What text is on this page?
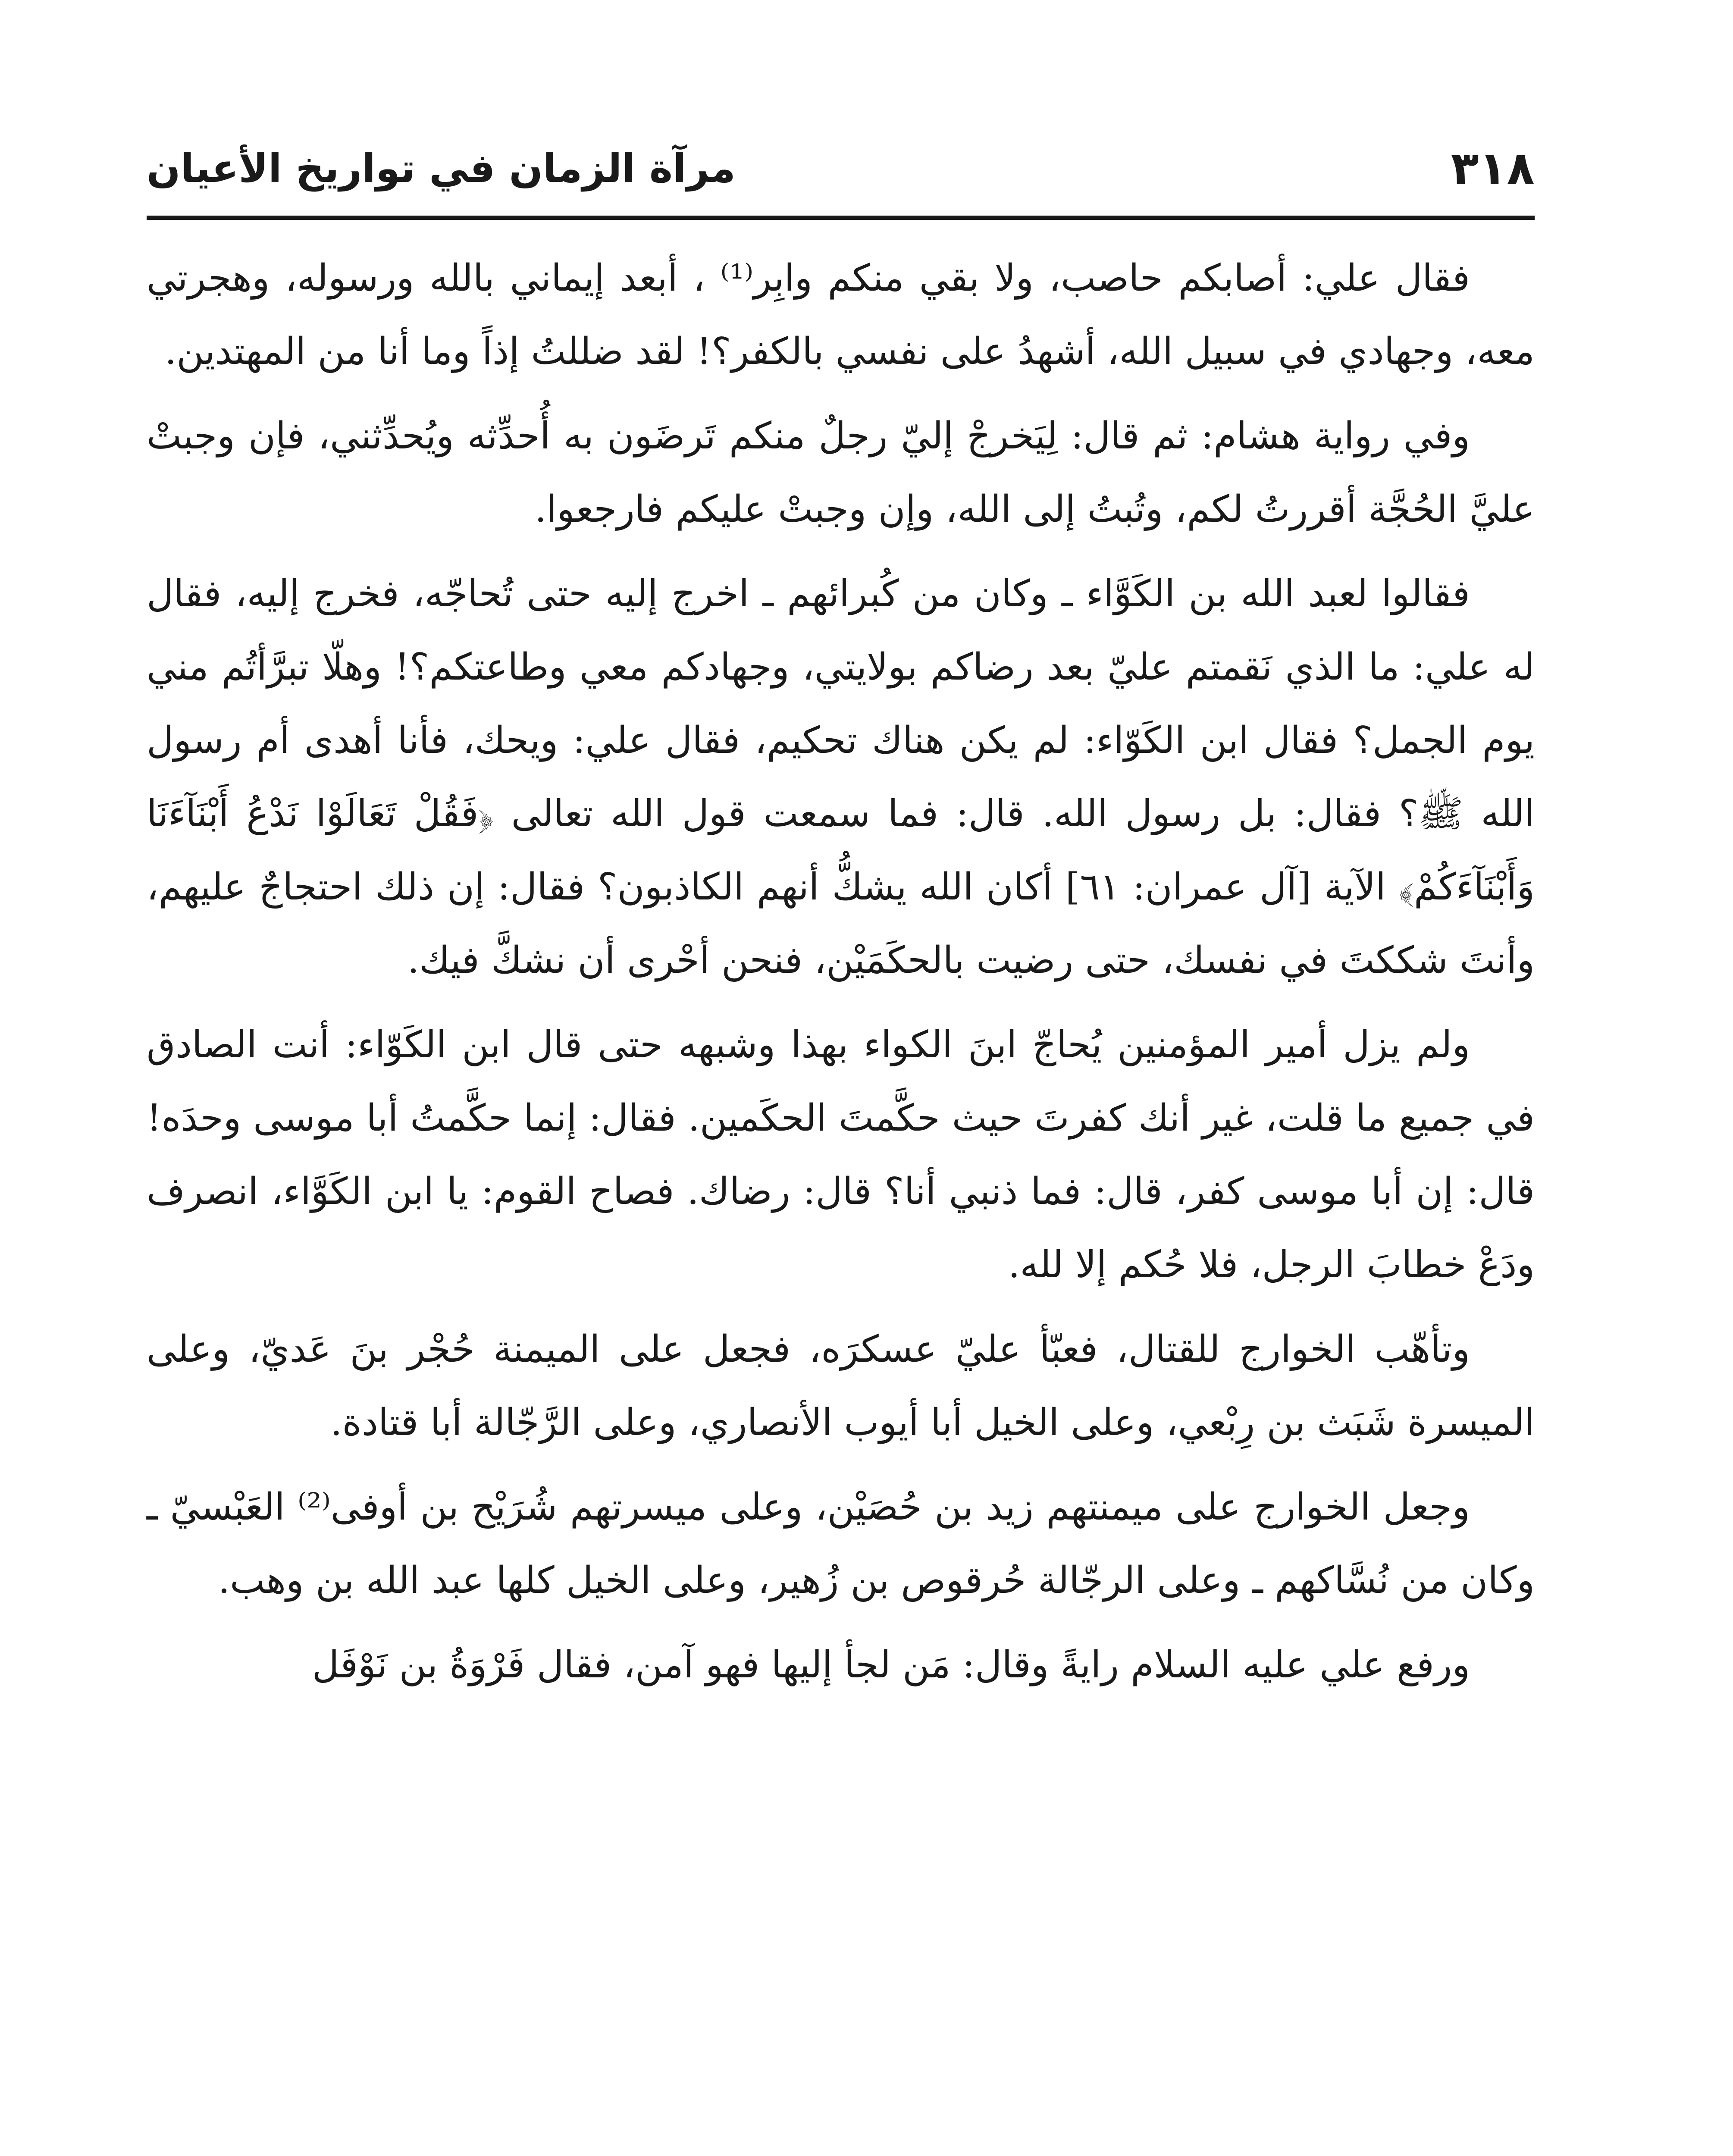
٣١٨
مرآة الزمان في تواريخ الأعيان

فقال علي: أصابكم حاصب، ولا بقي منكم وابِر⁽¹⁾ ، أبعد إيماني بالله ورسوله، وهجرتي معه، وجهادي في سبيل الله، أشهدُ على نفسي بالكفر؟! لقد ضللتُ إذاً وما أنا من المهتدين.

وفي رواية هشام: ثم قال: لِيَخرجْ إليّ رجلٌ منكم تَرضَون به أُحدِّثه ويُحدِّثني، فإن وجبتْ عليَّ الحُجَّة أقررتُ لكم، وتُبتُ إلى الله، وإن وجبتْ عليكم فارجعوا.

فقالوا لعبد الله بن الكَوَّاء ـ وكان من كُبرائهم ـ اخرج إليه حتى تُحاجّه، فخرج إليه، فقال له علي: ما الذي نَقمتم عليّ بعد رضاكم بولايتي، وجهادكم معي وطاعتكم؟! وهلّا تبرَّأتُم مني يوم الجمل؟ فقال ابن الكَوّاء: لم يكن هناك تحكيم، فقال علي: ويحك، فأنا أهدى أم رسول الله ﷺ؟ فقال: بل رسول الله. قال: فما سمعت قول الله تعالى ﴿فَقُلْ تَعَالَوْا نَدْعُ أَبْنَآءَنَا وَأَبْنَآءَكُمْ﴾ الآية [آل عمران: ٦١] أكان الله يشكُّ أنهم الكاذبون؟ فقال: إن ذلك احتجاجٌ عليهم، وأنتَ شككتَ في نفسك، حتى رضيت بالحكَمَيْن، فنحن أحْرى أن نشكَّ فيك.

ولم يزل أمير المؤمنين يُحاجّ ابنَ الكواء بهذا وشبهه حتى قال ابن الكَوّاء: أنت الصادق في جميع ما قلت، غير أنك كفرتَ حيث حكَّمتَ الحكَمين. فقال: إنما حكَّمتُ أبا موسى وحدَه! قال: إن أبا موسى كفر، قال: فما ذنبي أنا؟ قال: رضاك. فصاح القوم: يا ابن الكَوَّاء، انصرف ودَعْ خطابَ الرجل، فلا حُكم إلا لله.

وتأهّب الخوارج للقتال، فعبّأ عليّ عسكرَه، فجعل على الميمنة حُجْر بنَ عَديّ، وعلى الميسرة شَبَث بن رِبْعي، وعلى الخيل أبا أيوب الأنصاري، وعلى الرَّجّالة أبا قتادة.

وجعل الخوارج على ميمنتهم زيد بن حُصَيْن، وعلى ميسرتهم شُرَيْح بن أوفى⁽²⁾ العَبْسيّ ـ وكان من نُسَّاكهم ـ وعلى الرجّالة حُرقوص بن زُهير، وعلى الخيل كلها عبد الله بن وهب.

ورفع علي عليه السلام رايةً وقال: مَن لجأ إليها فهو آمن، فقال فَرْوَةُ بن نَوْفَل
